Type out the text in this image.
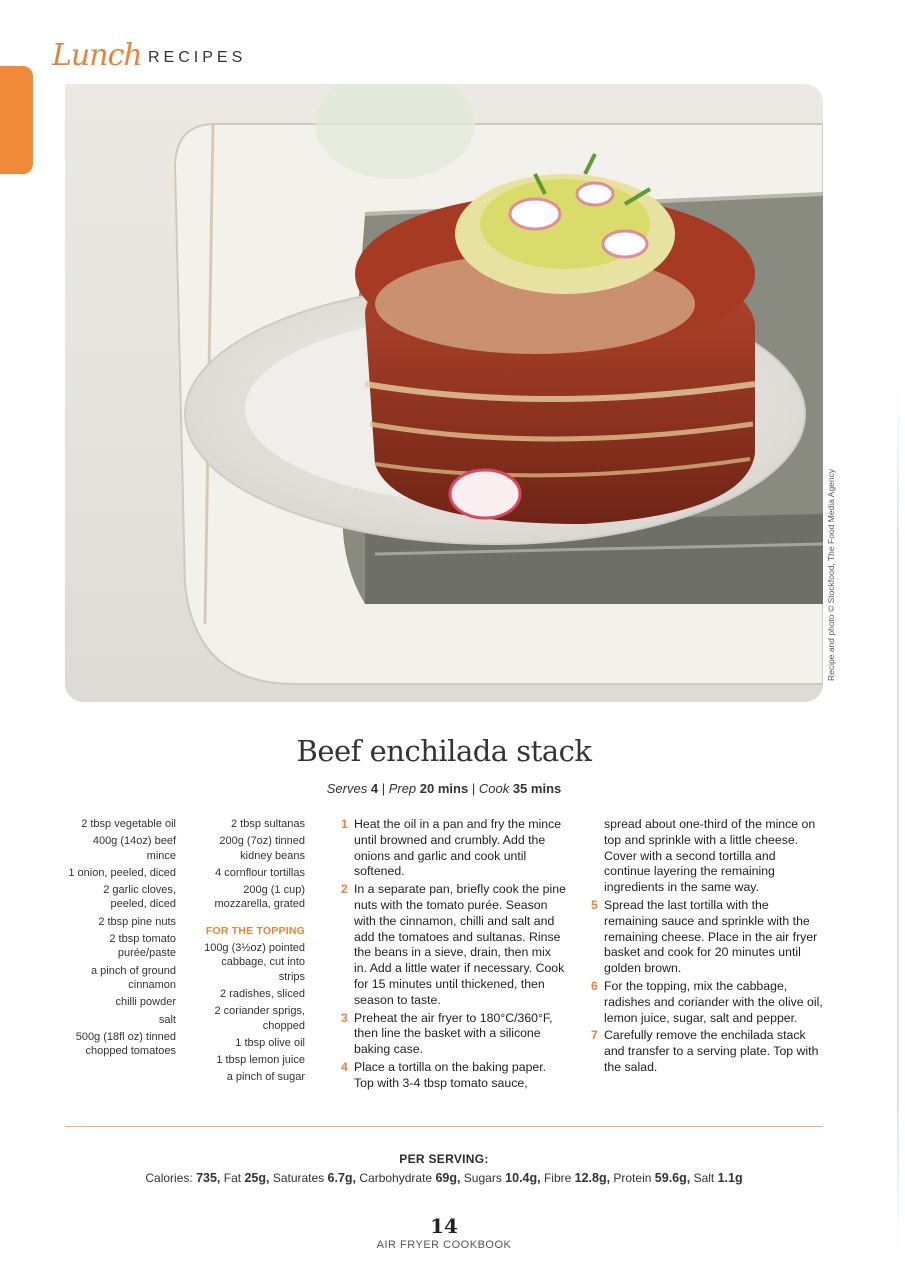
Lunch RECIPES
Recipe and photo © Stockfood, The Food Media Agency
Beef enchilada stack
Serves 4 | Prep 20 mins | Cook 35 mins
2 tbsp vegetable oil
400g (14oz) beef mince
1 onion, peeled, diced
2 garlic cloves, peeled, diced
2 tbsp pine nuts
2 tbsp tomato purée/paste
a pinch of ground cinnamon
chilli powder
salt
500g (18fl oz) tinned chopped tomatoes
2 tbsp sultanas
200g (7oz) tinned kidney beans
4 cornflour tortillas
200g (1 cup) mozzarella, grated
FOR THE TOPPING
100g (3½oz) pointed cabbage, cut into strips
2 radishes, sliced
2 coriander sprigs, chopped
1 tbsp olive oil
1 tbsp lemon juice
a pinch of sugar
1 Heat the oil in a pan and fry the mince until browned and crumbly. Add the onions and garlic and cook until softened.
2 In a separate pan, briefly cook the pine nuts with the tomato purée. Season with the cinnamon, chilli and salt and add the tomatoes and sultanas. Rinse the beans in a sieve, drain, then mix in. Add a little water if necessary. Cook for 15 minutes until thickened, then season to taste.
3 Preheat the air fryer to 180°C/360°F, then line the basket with a silicone baking case.
4 Place a tortilla on the baking paper. Top with 3-4 tbsp tomato sauce,
spread about one-third of the mince on top and sprinkle with a little cheese. Cover with a second tortilla and continue layering the remaining ingredients in the same way.
5 Spread the last tortilla with the remaining sauce and sprinkle with the remaining cheese. Place in the air fryer basket and cook for 20 minutes until golden brown.
6 For the topping, mix the cabbage, radishes and coriander with the olive oil, lemon juice, sugar, salt and pepper.
7 Carefully remove the enchilada stack and transfer to a serving plate. Top with the salad.
PER SERVING:
Calories: 735, Fat 25g, Saturates 6.7g, Carbohydrate 69g, Sugars 10.4g, Fibre 12.8g, Protein 59.6g, Salt 1.1g
14
AIR FRYER COOKBOOK
